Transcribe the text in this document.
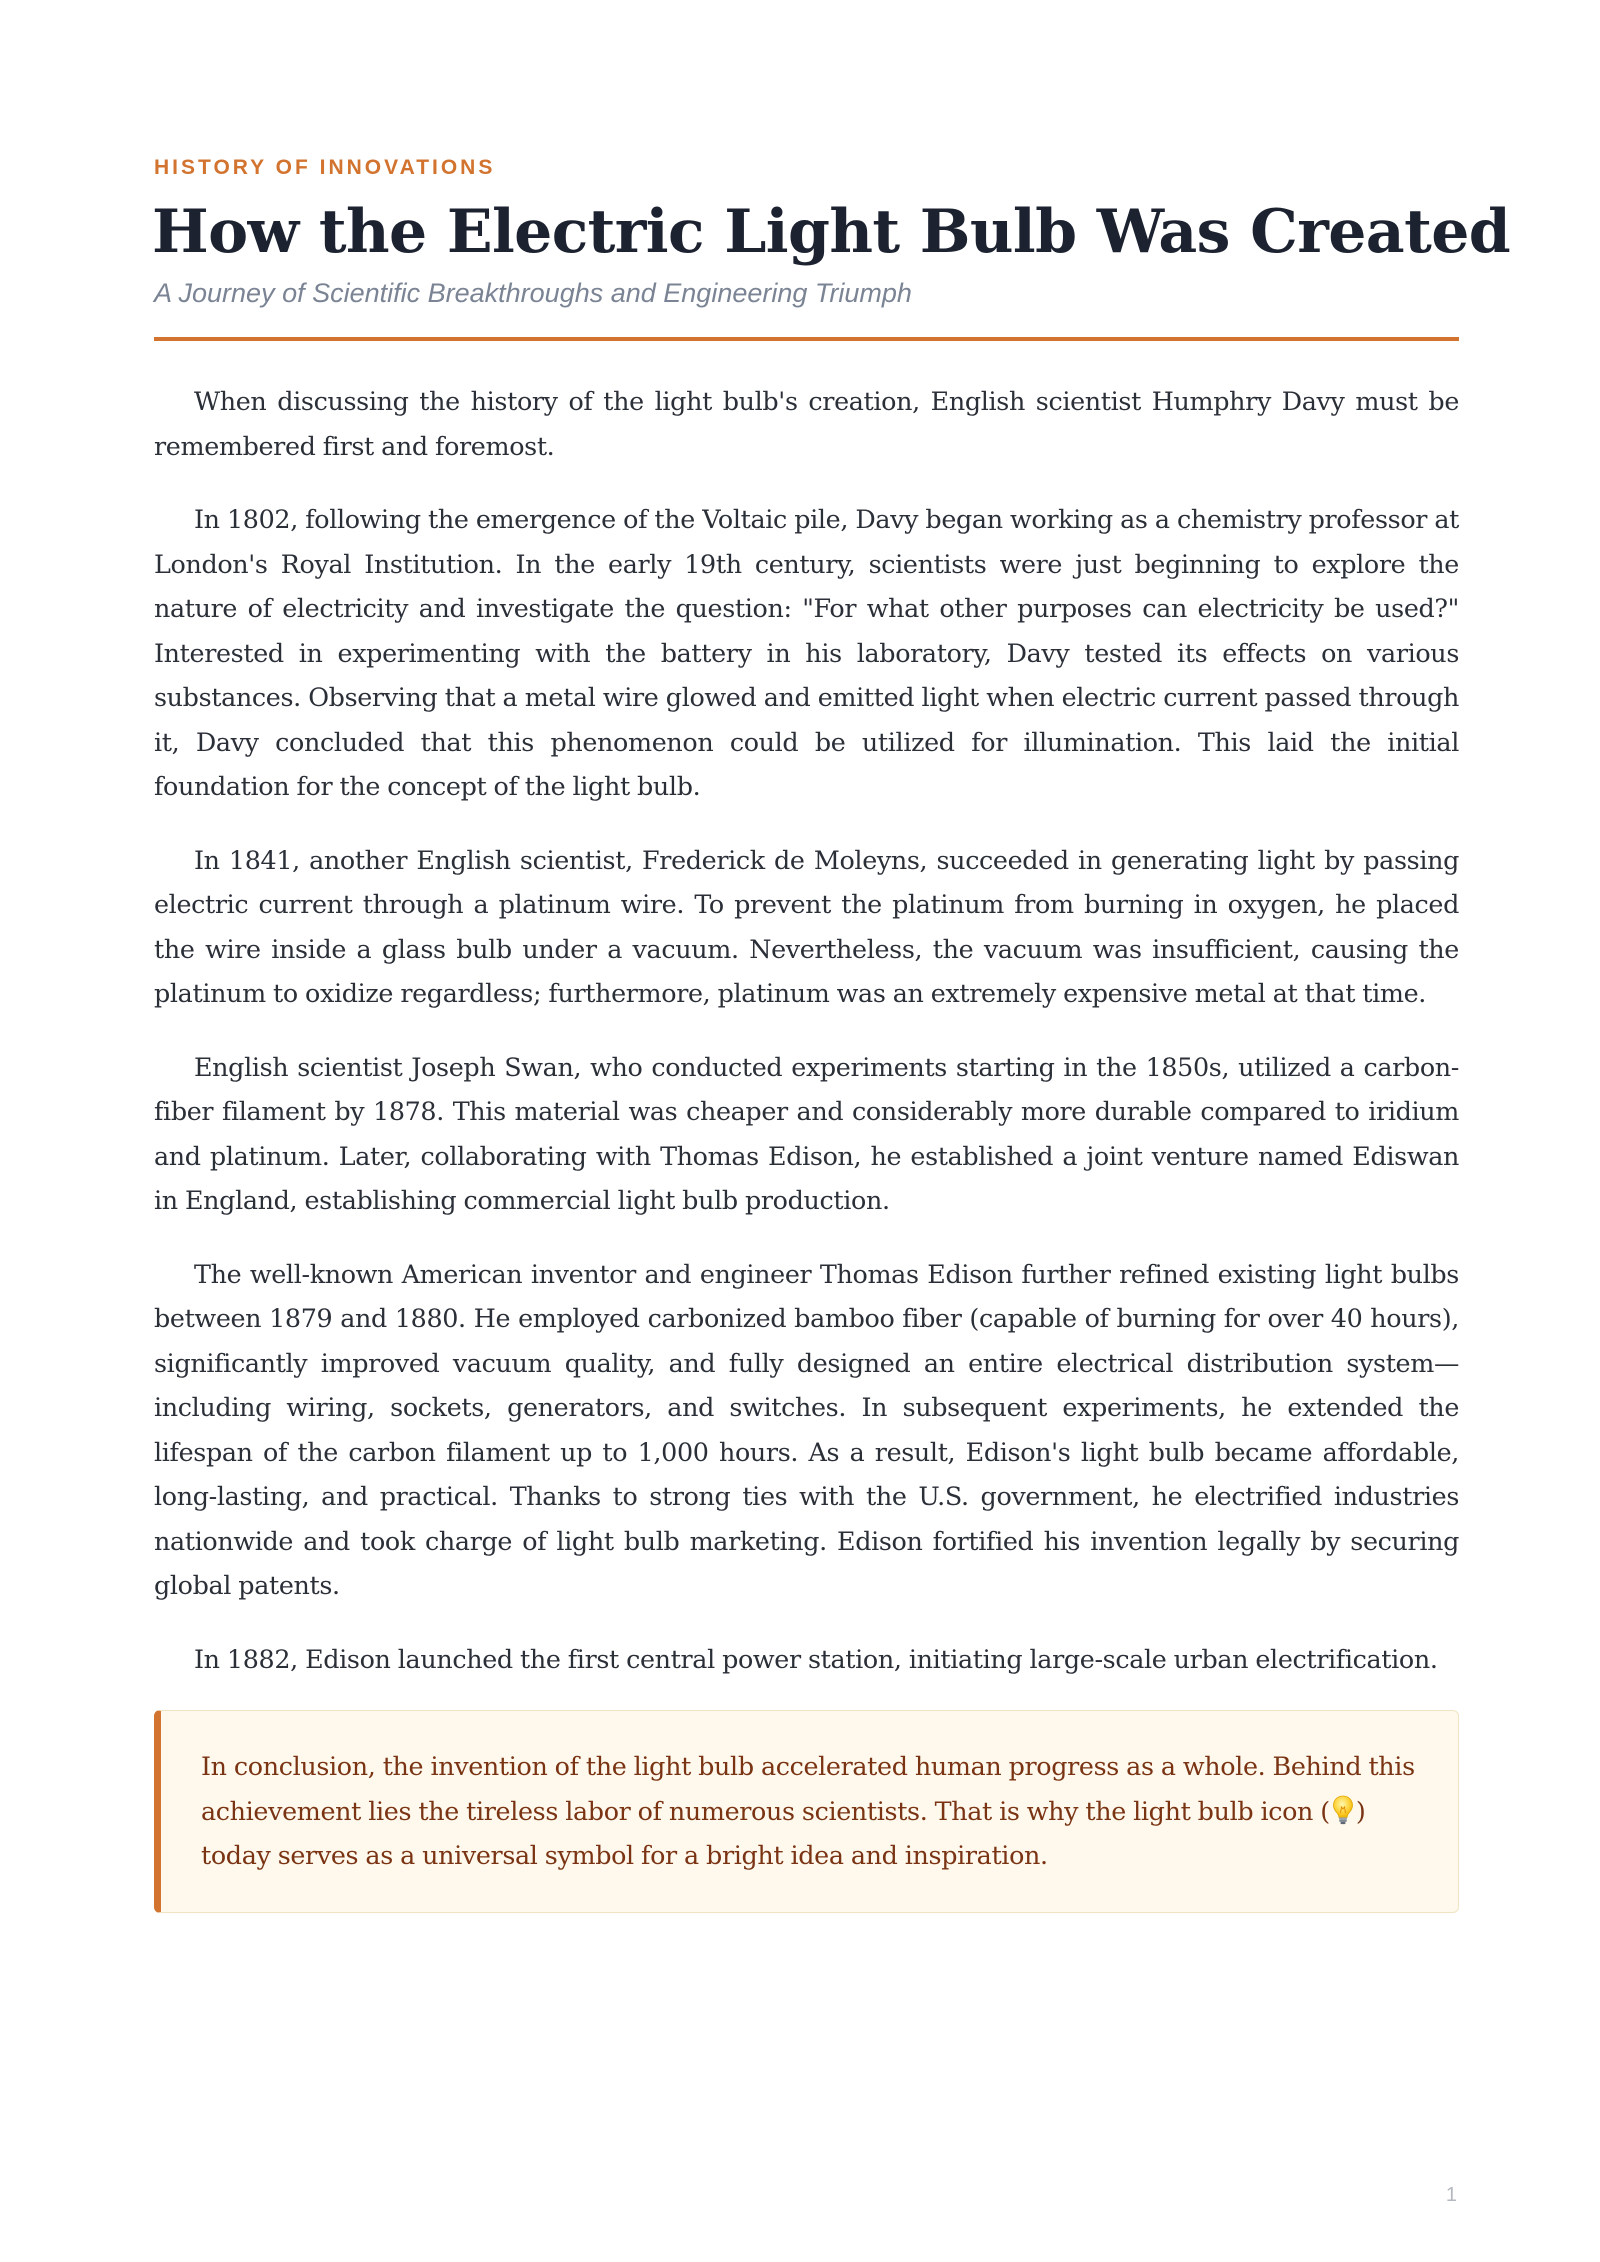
HISTORY OF INNOVATIONS
How the Electric Light Bulb Was Created
A Journey of Scientific Breakthroughs and Engineering Triumph

When discussing the history of the light bulb's creation, English scientist Humphry Davy must be remembered first and foremost.

In 1802, following the emergence of the Voltaic pile, Davy began working as a chemistry professor at London's Royal Institution. In the early 19th century, scientists were just beginning to explore the nature of electricity and investigate the question: "For what other purposes can electricity be used?" Interested in experimenting with the battery in his laboratory, Davy tested its effects on various substances. Observing that a metal wire glowed and emitted light when electric current passed through it, Davy concluded that this phenomenon could be utilized for illumination. This laid the initial foundation for the concept of the light bulb.

In 1841, another English scientist, Frederick de Moleyns, succeeded in generating light by passing electric current through a platinum wire. To prevent the platinum from burning in oxygen, he placed the wire inside a glass bulb under a vacuum. Nevertheless, the vacuum was insufficient, causing the platinum to oxidize regardless; furthermore, platinum was an extremely expensive metal at that time.

English scientist Joseph Swan, who conducted experiments starting in the 1850s, utilized a carbon-fiber filament by 1878. This material was cheaper and considerably more durable compared to iridium and platinum. Later, collaborating with Thomas Edison, he established a joint venture named Ediswan in England, establishing commercial light bulb production.

The well-known American inventor and engineer Thomas Edison further refined existing light bulbs between 1879 and 1880. He employed carbonized bamboo fiber (capable of burning for over 40 hours), significantly improved vacuum quality, and fully designed an entire electrical distribution system—including wiring, sockets, generators, and switches. In subsequent experiments, he extended the lifespan of the carbon filament up to 1,000 hours. As a result, Edison's light bulb became affordable, long-lasting, and practical. Thanks to strong ties with the U.S. government, he electrified industries nationwide and took charge of light bulb marketing. Edison fortified his invention legally by securing global patents.

In 1882, Edison launched the first central power station, initiating large-scale urban electrification.

In conclusion, the invention of the light bulb accelerated human progress as a whole. Behind this achievement lies the tireless labor of numerous scientists. That is why the light bulb icon ( ) today serves as a universal symbol for a bright idea and inspiration.

1
